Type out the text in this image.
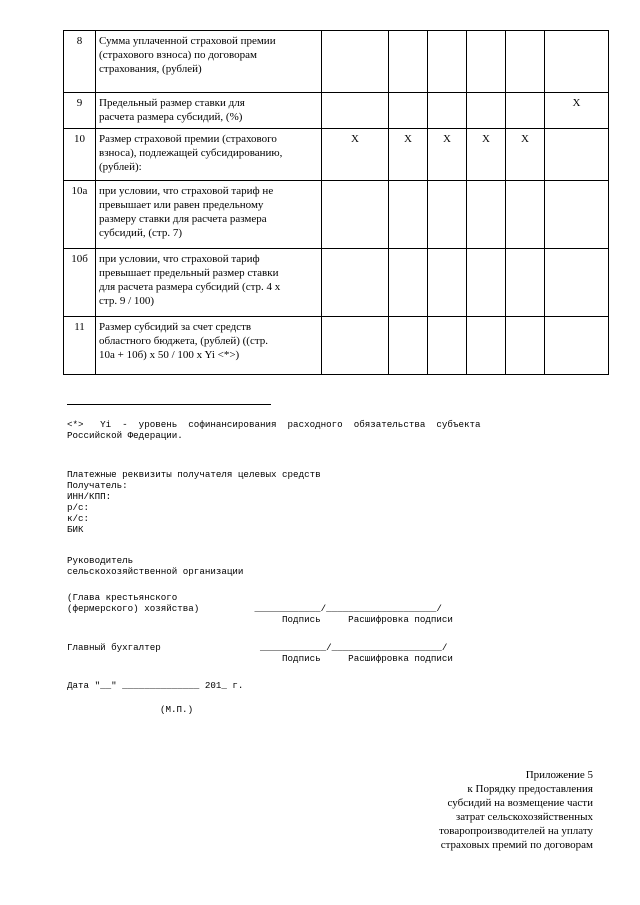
8	Сумма уплаченной страховой премии
(страхового взноса) по договорам
страхования, (рублей)						

9	Предельный размер ставки для
расчета размера субсидий, (%)						X
10	Размер страховой премии (страхового
взноса), подлежащей субсидированию,
(рублей):	X	X	X	X	X	
10а	при условии, что страховой тариф не
превышает или равен предельному
размеру ставки для расчета размера
субсидий, (стр. 7)						

10б	при условии, что страховой тариф
превышает предельный размер ставки
для расчета размера субсидий (стр. 4 x
стр. 9 / 100)						

11	Размер субсидий за счет средств
областного бюджета, (рублей) ((стр.
10а + 10б) x 50 / 100 x Yi <*>)						

<*>   Yi  -  уровень  софинансирования  расходного  обязательства  субъекта
Российской Федерации.
Платежные реквизиты получателя целевых средств
Получатель:
ИНН/КПП:
р/с:
к/с:
БИК
Руководитель
сельскохозяйственной организации
(Глава крестьянского
(фермерского) хозяйства)          ____________/____________________/
Подпись     Расшифровка подписи
Главный бухгалтер                  ____________/____________________/
Подпись     Расшифровка подписи
Дата "__" ______________ 201_ г.
(М.П.)
Приложение 5
к Порядку предоставления
субсидий на возмещение части
затрат сельскохозяйственных
товаропроизводителей на уплату
страховых премий по договорам
